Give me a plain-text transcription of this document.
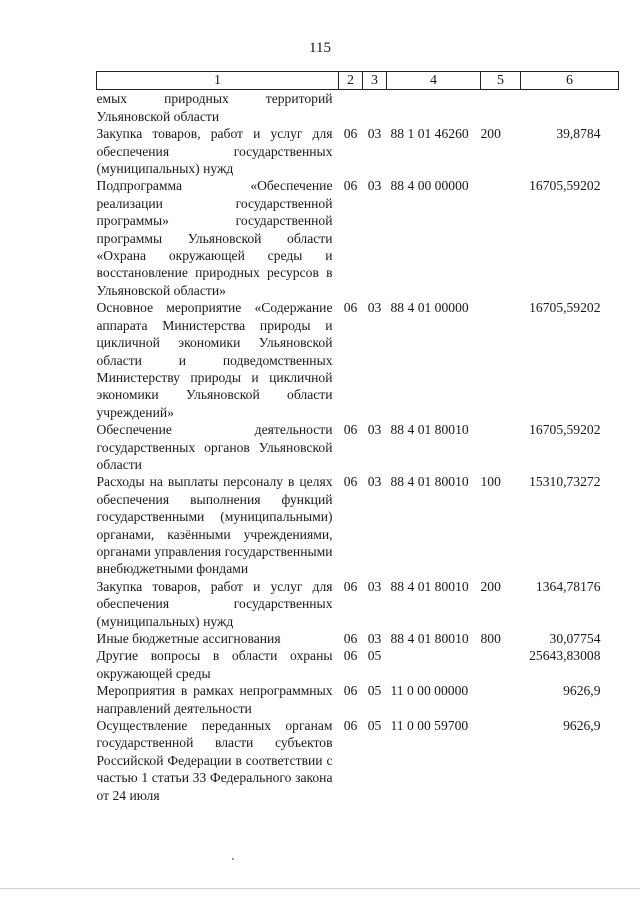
115
1	2	3	4	5	6
емых природных территорий Ульяновской области					
Закупка товаров, работ и услуг для обеспечения государственных (муниципальных) нужд	06	03	88 1 01 46260	200	39,8784
Подпрограмма «Обеспечение реализации государственной программы» государственной программы Ульяновской области «Охрана окружающей среды и восстановление природных ресурсов в Ульяновской области»	06	03	88 4 00 00000		16705,59202
Основное мероприятие «Содержание аппарата Министерства природы и цикличной экономики Ульяновской области и подведомственных Министерству природы и цикличной экономики Ульяновской области учреждений»	06	03	88 4 01 00000		16705,59202
Обеспечение деятельности государственных органов Ульяновской области	06	03	88 4 01 80010		16705,59202
Расходы на выплаты персоналу в целях обеспечения выполнения функций государственными (муниципальными) органами, казёнными учреждениями, органами управления государственными внебюджетными фондами	06	03	88 4 01 80010	100	15310,73272
Закупка товаров, работ и услуг для обеспечения государственных (муниципальных) нужд	06	03	88 4 01 80010	200	1364,78176
Иные бюджетные ассигнования	06	03	88 4 01 80010	800	30,07754
Другие вопросы в области охраны окружающей среды	06	05			25643,83008
Мероприятия в рамках непрограммных направлений деятельности	06	05	11 0 00 00000		9626,9
Осуществление переданных органам государственной власти субъектов Российской Федерации в соответствии с частью 1 статьи 33 Федерального закона от 24 июля	06	05	11 0 00 59700		9626,9
